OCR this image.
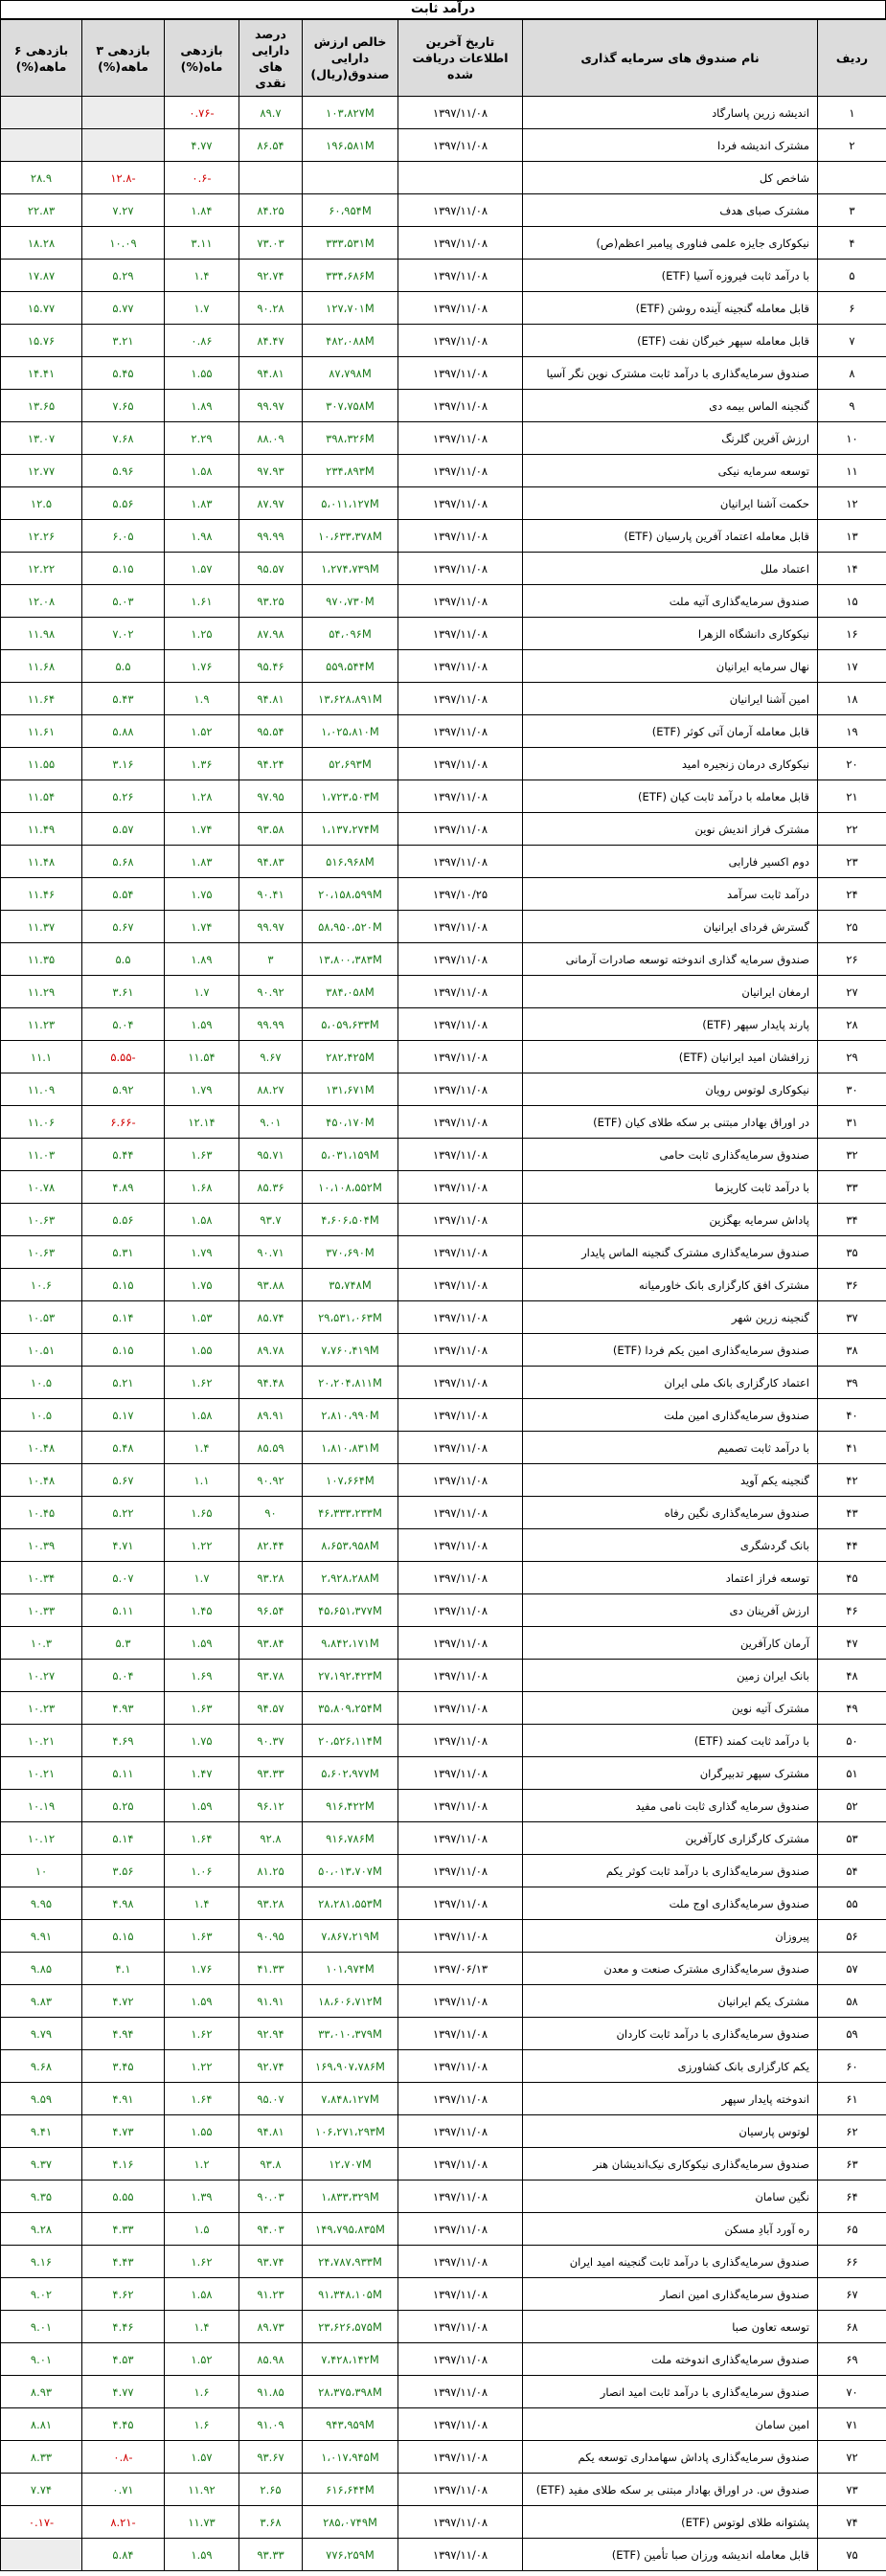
درآمد ثابت
ردیف	نام صندوق های سرمایه گذاری	تاریخ آخرین اطلاعات دریافت شده	خالص ارزش دارایی صندوق(ریال)	درصد دارایی های نقدی	بازدهی ماه(%)	بازدهی ۳ ماهه(%)	بازدهی ۶ ماهه(%)
۱	اندیشه زرین پاسارگاد	۱۳۹۷/۱۱/۰۸	۱۰۳،۸۲۷M	۸۹.۷	-۰.۷۶		
۲	مشترک اندیشه فردا	۱۳۹۷/۱۱/۰۸	۱۹۶،۵۸۱M	۸۶.۵۴	۴.۷۷		
	شاخص کل				-۰.۶	-۱۲.۸	۲۸.۹
۳	مشترک صبای هدف	۱۳۹۷/۱۱/۰۸	۶۰،۹۵۴M	۸۴.۲۵	۱.۸۴	۷.۲۷	۲۲.۸۳
۴	نیکوکاری جایزه علمی فناوری پیامبر اعظم(ص)	۱۳۹۷/۱۱/۰۸	۳۳۳،۵۳۱M	۷۳.۰۳	۳.۱۱	۱۰.۰۹	۱۸.۲۸
۵	با درآمد ثابت فیروزه آسیا (ETF)	۱۳۹۷/۱۱/۰۸	۳۳۴،۶۸۶M	۹۲.۷۴	۱.۴	۵.۲۹	۱۷.۸۷
۶	قابل معامله گنجینه آینده روشن (ETF)	۱۳۹۷/۱۱/۰۸	۱۲۷،۷۰۱M	۹۰.۲۸	۱.۷	۵.۷۷	۱۵.۷۷
۷	قابل معامله سپهر خبرگان نفت (ETF)	۱۳۹۷/۱۱/۰۸	۴۸۲،۰۸۸M	۸۴.۴۷	۰.۸۶	۳.۲۱	۱۵.۷۶
۸	صندوق سرمایه‌گذاری با درآمد ثابت مشترک نوین نگر آسیا	۱۳۹۷/۱۱/۰۸	۸۷،۷۹۸M	۹۴.۸۱	۱.۵۵	۵.۴۵	۱۴.۴۱
۹	گنجینه الماس بیمه دی	۱۳۹۷/۱۱/۰۸	۳۰۷،۷۵۸M	۹۹.۹۷	۱.۸۹	۷.۶۵	۱۳.۶۵
۱۰	ارزش آفرین گلرنگ	۱۳۹۷/۱۱/۰۸	۳۹۸،۳۲۶M	۸۸.۰۹	۲.۲۹	۷.۶۸	۱۳.۰۷
۱۱	توسعه سرمایه نیکی	۱۳۹۷/۱۱/۰۸	۲۳۴،۸۹۳M	۹۷.۹۳	۱.۵۸	۵.۹۶	۱۲.۷۷
۱۲	حکمت آشنا ایرانیان	۱۳۹۷/۱۱/۰۸	۵،۰۱۱،۱۲۷M	۸۷.۹۷	۱.۸۳	۵.۵۶	۱۲.۵
۱۳	قابل معامله اعتماد آفرین پارسیان (ETF)	۱۳۹۷/۱۱/۰۸	۱۰،۶۳۳،۳۷۸M	۹۹.۹۹	۱.۹۸	۶.۰۵	۱۲.۲۶
۱۴	اعتماد ملل	۱۳۹۷/۱۱/۰۸	۱،۲۷۴،۷۳۹M	۹۵.۵۷	۱.۵۷	۵.۱۵	۱۲.۲۲
۱۵	صندوق سرمایه‌گذاری آتیه ملت	۱۳۹۷/۱۱/۰۸	۹۷۰،۷۳۰M	۹۳.۲۵	۱.۶۱	۵.۰۳	۱۲.۰۸
۱۶	نیکوکاری دانشگاه الزهرا	۱۳۹۷/۱۱/۰۸	۵۴،۰۹۶M	۸۷.۹۸	۱.۲۵	۷.۰۲	۱۱.۹۸
۱۷	نهال سرمایه ایرانیان	۱۳۹۷/۱۱/۰۸	۵۵۹،۵۴۴M	۹۵.۴۶	۱.۷۶	۵.۵	۱۱.۶۸
۱۸	امین آشنا ایرانیان	۱۳۹۷/۱۱/۰۸	۱۳،۶۲۸،۸۹۱M	۹۴.۸۱	۱.۹	۵.۴۳	۱۱.۶۴
۱۹	قابل معامله آرمان آتی کوثر (ETF)	۱۳۹۷/۱۱/۰۸	۱،۰۲۵،۸۱۰M	۹۵.۵۴	۱.۵۲	۵.۸۸	۱۱.۶۱
۲۰	نیکوکاری درمان زنجیره امید	۱۳۹۷/۱۱/۰۸	۵۲،۶۹۳M	۹۴.۲۴	۱.۳۶	۳.۱۶	۱۱.۵۵
۲۱	قابل معامله با درآمد ثابت کیان (ETF)	۱۳۹۷/۱۱/۰۸	۱،۷۲۳،۵۰۳M	۹۷.۹۵	۱.۲۸	۵.۲۶	۱۱.۵۴
۲۲	مشترک فراز اندیش نوین	۱۳۹۷/۱۱/۰۸	۱،۱۳۷،۲۷۴M	۹۳.۵۸	۱.۷۴	۵.۵۷	۱۱.۴۹
۲۳	دوم اکسیر فارابی	۱۳۹۷/۱۱/۰۸	۵۱۶،۹۶۸M	۹۴.۸۳	۱.۸۳	۵.۶۸	۱۱.۴۸
۲۴	درآمد ثابت سرآمد	۱۳۹۷/۱۰/۲۵	۲۰،۱۵۸،۵۹۹M	۹۰.۴۱	۱.۷۵	۵.۵۴	۱۱.۴۶
۲۵	گسترش فردای ایرانیان	۱۳۹۷/۱۱/۰۸	۵۸،۹۵۰،۵۲۰M	۹۹.۹۷	۱.۷۴	۵.۶۷	۱۱.۳۷
۲۶	صندوق سرمایه گذاری اندوخته توسعه صادرات آرمانی	۱۳۹۷/۱۱/۰۸	۱۳،۸۰۰،۳۸۳M	۳	۱.۸۹	۵.۵	۱۱.۳۵
۲۷	ارمغان ایرانیان	۱۳۹۷/۱۱/۰۸	۳۸۴،۰۵۸M	۹۰.۹۲	۱.۷	۳.۶۱	۱۱.۲۹
۲۸	پارند پایدار سپهر (ETF)	۱۳۹۷/۱۱/۰۸	۵،۰۵۹،۶۳۳M	۹۹.۹۹	۱.۵۹	۵.۰۴	۱۱.۲۳
۲۹	زرافشان امید ایرانیان (ETF)	۱۳۹۷/۱۱/۰۸	۲۸۲،۴۲۵M	۹.۶۷	۱۱.۵۴	-۵.۵۵	۱۱.۱
۳۰	نیکوکاری لوتوس رویان	۱۳۹۷/۱۱/۰۸	۱۳۱،۶۷۱M	۸۸.۲۷	۱.۷۹	۵.۹۲	۱۱.۰۹
۳۱	در اوراق بهادار مبتنی بر سکه طلای کیان (ETF)	۱۳۹۷/۱۱/۰۸	۴۵۰،۱۷۰M	۹.۰۱	۱۲.۱۴	-۶.۶۶	۱۱.۰۶
۳۲	صندوق سرمایه‌گذاری ثابت حامی	۱۳۹۷/۱۱/۰۸	۵،۰۳۱،۱۵۹M	۹۵.۷۱	۱.۶۳	۵.۴۴	۱۱.۰۳
۳۳	با درآمد ثابت کاریزما	۱۳۹۷/۱۱/۰۸	۱۰،۱۰۸،۵۵۲M	۸۵.۳۶	۱.۶۸	۴.۸۹	۱۰.۷۸
۳۴	پاداش سرمایه بهگزین	۱۳۹۷/۱۱/۰۸	۴،۶۰۶،۵۰۴M	۹۳.۷	۱.۵۸	۵.۵۶	۱۰.۶۳
۳۵	صندوق سرمایه‌گذاری مشترک گنجینه الماس پایدار	۱۳۹۷/۱۱/۰۸	۳۷۰،۶۹۰M	۹۰.۷۱	۱.۷۹	۵.۳۱	۱۰.۶۳
۳۶	مشترک افق کارگزاری بانک خاورمیانه	۱۳۹۷/۱۱/۰۸	۳۵،۷۴۸M	۹۳.۸۸	۱.۷۵	۵.۱۵	۱۰.۶
۳۷	گنجینه زرین شهر	۱۳۹۷/۱۱/۰۸	۲۹،۵۳۱،۰۶۳M	۸۵.۷۴	۱.۵۳	۵.۱۴	۱۰.۵۳
۳۸	صندوق سرمایه‌گذاری امین یکم فردا (ETF)	۱۳۹۷/۱۱/۰۸	۷،۷۶۰،۴۱۹M	۸۹.۷۸	۱.۵۵	۵.۱۵	۱۰.۵۱
۳۹	اعتماد کارگزاری بانک ملی ایران	۱۳۹۷/۱۱/۰۸	۲۰،۲۰۴،۸۱۱M	۹۴.۴۸	۱.۶۲	۵.۲۱	۱۰.۵
۴۰	صندوق سرمایه‌گذاری امین ملت	۱۳۹۷/۱۱/۰۸	۲،۸۱۰،۹۹۰M	۸۹.۹۱	۱.۵۸	۵.۱۷	۱۰.۵
۴۱	با درآمد ثابت تصمیم	۱۳۹۷/۱۱/۰۸	۱،۸۱۰،۸۳۱M	۸۵.۵۹	۱.۴	۵.۴۸	۱۰.۴۸
۴۲	گنجینه یکم آوید	۱۳۹۷/۱۱/۰۸	۱۰۷،۶۶۴M	۹۰.۹۲	۱.۱	۵.۶۷	۱۰.۴۸
۴۳	صندوق سرمایه‌گذاری نگین رفاه	۱۳۹۷/۱۱/۰۸	۴۶،۳۳۳،۲۳۳M	۹۰	۱.۶۵	۵.۲۲	۱۰.۴۵
۴۴	بانک گردشگری	۱۳۹۷/۱۱/۰۸	۸،۶۵۳،۹۵۸M	۸۲.۴۴	۱.۲۲	۴.۷۱	۱۰.۳۹
۴۵	توسعه فراز اعتماد	۱۳۹۷/۱۱/۰۸	۲،۹۲۸،۲۸۸M	۹۳.۲۸	۱.۷	۵.۰۷	۱۰.۳۴
۴۶	ارزش آفرینان دی	۱۳۹۷/۱۱/۰۸	۴۵،۶۵۱،۳۷۷M	۹۶.۵۴	۱.۴۵	۵.۱۱	۱۰.۳۳
۴۷	آرمان کارآفرین	۱۳۹۷/۱۱/۰۸	۹،۸۴۲،۱۷۱M	۹۳.۸۴	۱.۵۹	۵.۳	۱۰.۳
۴۸	بانک ایران زمین	۱۳۹۷/۱۱/۰۸	۲۷،۱۹۲،۴۲۳M	۹۳.۷۸	۱.۶۹	۵.۰۴	۱۰.۲۷
۴۹	مشترک آتیه نوین	۱۳۹۷/۱۱/۰۸	۳۵،۸۰۹،۲۵۴M	۹۴.۵۷	۱.۶۳	۴.۹۳	۱۰.۲۳
۵۰	با درآمد ثابت کمند (ETF)	۱۳۹۷/۱۱/۰۸	۲۰،۵۲۶،۱۱۴M	۹۰.۳۷	۱.۷۵	۴.۶۹	۱۰.۲۱
۵۱	مشترک سپهر تدبیرگران	۱۳۹۷/۱۱/۰۸	۵،۶۰۲،۹۷۷M	۹۳.۳۳	۱.۴۷	۵.۱۱	۱۰.۲۱
۵۲	صندوق سرمایه گذاری ثابت نامی مفید	۱۳۹۷/۱۱/۰۸	۹۱۶،۴۲۲M	۹۶.۱۲	۱.۵۹	۵.۲۵	۱۰.۱۹
۵۳	مشترک کارگزاری کارآفرین	۱۳۹۷/۱۱/۰۸	۹۱۶،۷۸۶M	۹۲.۸	۱.۶۴	۵.۱۴	۱۰.۱۲
۵۴	صندوق سرمایه‌گذاری با درآمد ثابت کوثر یکم	۱۳۹۷/۱۱/۰۸	۵۰،۰۱۳،۷۰۷M	۸۱.۲۵	۱.۰۶	۳.۵۶	۱۰
۵۵	صندوق سرمایه‌گذاری اوج ملت	۱۳۹۷/۱۱/۰۸	۲۸،۲۸۱،۵۵۳M	۹۳.۲۸	۱.۴	۴.۹۸	۹.۹۵
۵۶	پیروزان	۱۳۹۷/۱۱/۰۸	۷،۸۶۷،۲۱۹M	۹۰.۹۵	۱.۶۳	۵.۱۵	۹.۹۱
۵۷	صندوق سرمایه‌گذاری مشترک صنعت و معدن	۱۳۹۷/۰۶/۱۳	۱۰۱،۹۷۴M	۴۱.۳۳	۱.۷۶	۴.۱	۹.۸۵
۵۸	مشترک یکم ایرانیان	۱۳۹۷/۱۱/۰۸	۱۸،۶۰۶،۷۱۲M	۹۱.۹۱	۱.۵۹	۴.۷۲	۹.۸۳
۵۹	صندوق سرمایه‌گذاری با درآمد ثابت کاردان	۱۳۹۷/۱۱/۰۸	۳۳،۰۱۰،۳۷۹M	۹۲.۹۴	۱.۶۲	۴.۹۴	۹.۷۹
۶۰	یکم کارگزاری بانک کشاورزی	۱۳۹۷/۱۱/۰۸	۱۶۹،۹۰۷،۷۸۶M	۹۲.۷۴	۱.۲۲	۳.۴۵	۹.۶۸
۶۱	اندوخته پایدار سپهر	۱۳۹۷/۱۱/۰۸	۷،۸۴۸،۱۲۷M	۹۵.۰۷	۱.۶۴	۴.۹۱	۹.۵۹
۶۲	لوتوس پارسیان	۱۳۹۷/۱۱/۰۸	۱۰۶،۲۷۱،۲۹۳M	۹۴.۸۱	۱.۵۵	۴.۷۳	۹.۴۱
۶۳	صندوق سرمایه‌گذاری نیکوکاری نیک‌اندیشان هنر	۱۳۹۷/۱۱/۰۸	۱۲،۷۰۷M	۹۳.۸	۱.۲	۴.۱۶	۹.۳۷
۶۴	نگین سامان	۱۳۹۷/۱۱/۰۸	۱،۸۳۳،۳۲۹M	۹۰.۰۳	۱.۳۹	۵.۵۵	۹.۳۵
۶۵	ره آورد آبادِ مسکن	۱۳۹۷/۱۱/۰۸	۱۴۹،۷۹۵،۸۳۵M	۹۴.۰۳	۱.۵	۴.۳۳	۹.۲۸
۶۶	صندوق سرمایه‌گذاری با درآمد ثابت گنجینه امید ایران	۱۳۹۷/۱۱/۰۸	۲۴،۷۸۷،۹۳۳M	۹۳.۷۴	۱.۶۲	۴.۴۳	۹.۱۶
۶۷	صندوق سرمایه‌گذاری امین انصار	۱۳۹۷/۱۱/۰۸	۹۱،۳۴۸،۱۰۵M	۹۱.۲۳	۱.۵۸	۴.۶۲	۹.۰۲
۶۸	توسعه تعاون صبا	۱۳۹۷/۱۱/۰۸	۲۳،۶۲۶،۵۷۵M	۸۹.۷۳	۱.۴	۴.۴۶	۹.۰۱
۶۹	صندوق سرمایه‌گذاری اندوخته ملت	۱۳۹۷/۱۱/۰۸	۷،۴۲۸،۱۴۲M	۸۵.۹۸	۱.۵۲	۴.۵۳	۹.۰۱
۷۰	صندوق سرمایه‌گذاری با درآمد ثابت امید انصار	۱۳۹۷/۱۱/۰۸	۲۸،۳۷۵،۳۹۸M	۹۱.۸۵	۱.۶	۴.۷۷	۸.۹۳
۷۱	امین سامان	۱۳۹۷/۱۱/۰۸	۹۴۳،۹۵۹M	۹۱.۰۹	۱.۶	۴.۴۵	۸.۸۱
۷۲	صندوق سرمایه‌گذاری پاداش سهامداری توسعه یکم	۱۳۹۷/۱۱/۰۸	۱،۰۱۷،۹۴۵M	۹۳.۶۷	۱.۵۷	-۰.۸	۸.۳۳
۷۳	صندوق س. در اوراق بهادار مبتنی بر سکه طلای مفید (ETF)	۱۳۹۷/۱۱/۰۸	۶۱۶،۶۴۴M	۲.۶۵	۱۱.۹۲	۰.۷۱	۷.۷۴
۷۴	پشتوانه طلای لوتوس (ETF)	۱۳۹۷/۱۱/۰۸	۲۸۵،۰۷۴۹M	۳.۶۸	۱۱.۷۳	-۸.۲۱	-۰.۱۷
۷۵	قابل معامله اندیشه ورزان صبا تأمین (ETF)	۱۳۹۷/۱۱/۰۸	۷۷۶،۲۵۹M	۹۳.۳۳	۱.۵۹	۵.۸۴	
